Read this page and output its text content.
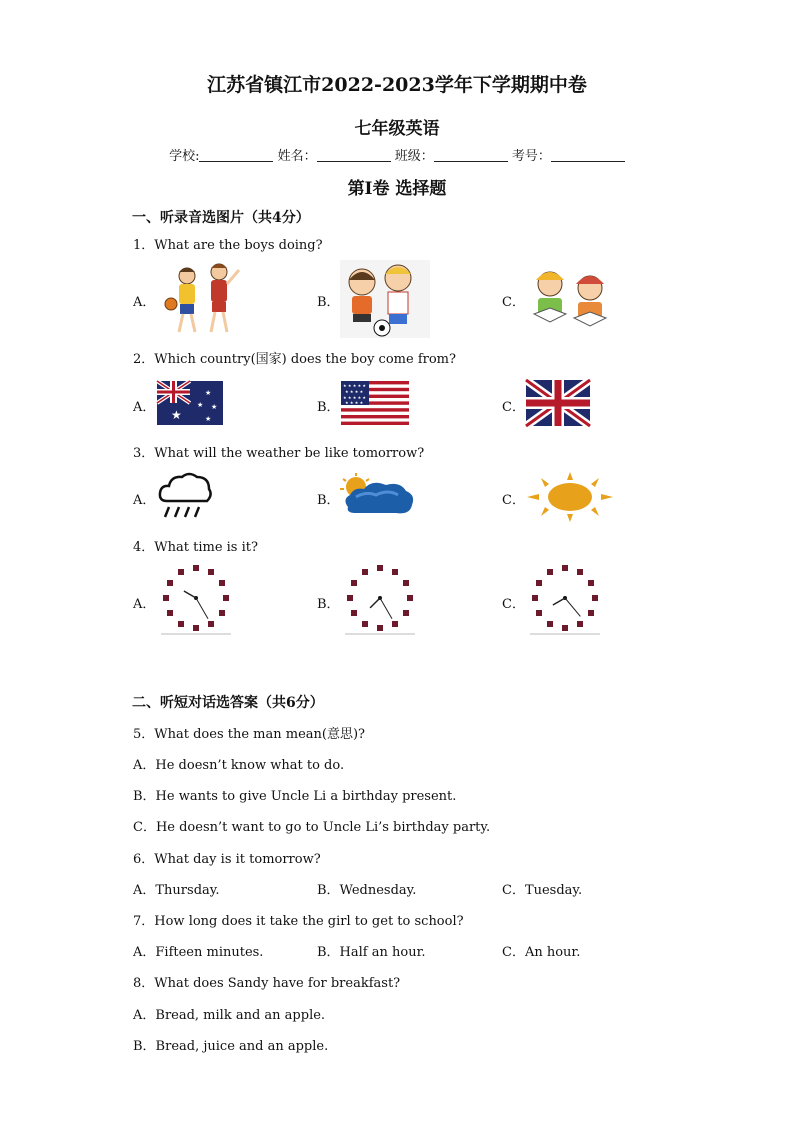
江苏省镇江市2022-2023学年下学期期中卷
七年级英语
学校:	姓名：	班级：	考号：
第Ⅰ卷 选择题
一、听录音选图片（共4分）
1．What are the boys doing?
A．	B．	C．
2．Which country(国家) does the boy come from?
A．	B．	C．
★
★
★ ★
★
★ ★ ★ ★ ★
★ ★ ★ ★
★ ★ ★ ★ ★
★ ★ ★ ★
3．What will the weather be like tomorrow?
A．	B．	C．
4．What time is it?
A．	B．	C．
二、听短对话选答案（共6分）
5．What does the man mean(意思)?
A．He doesn’t know what to do.
B．He wants to give Uncle Li a birthday present.
C．He doesn’t want to go to Uncle Li’s birthday party.
6．What day is it tomorrow?
A．Thursday.	B．Wednesday.	C．Tuesday.
7．How long does it take the girl to get to school?
A．Fifteen minutes.	B．Half an hour.	C．An hour.
8．What does Sandy have for breakfast?
A．Bread, milk and an apple.
B．Bread, juice and an apple.
